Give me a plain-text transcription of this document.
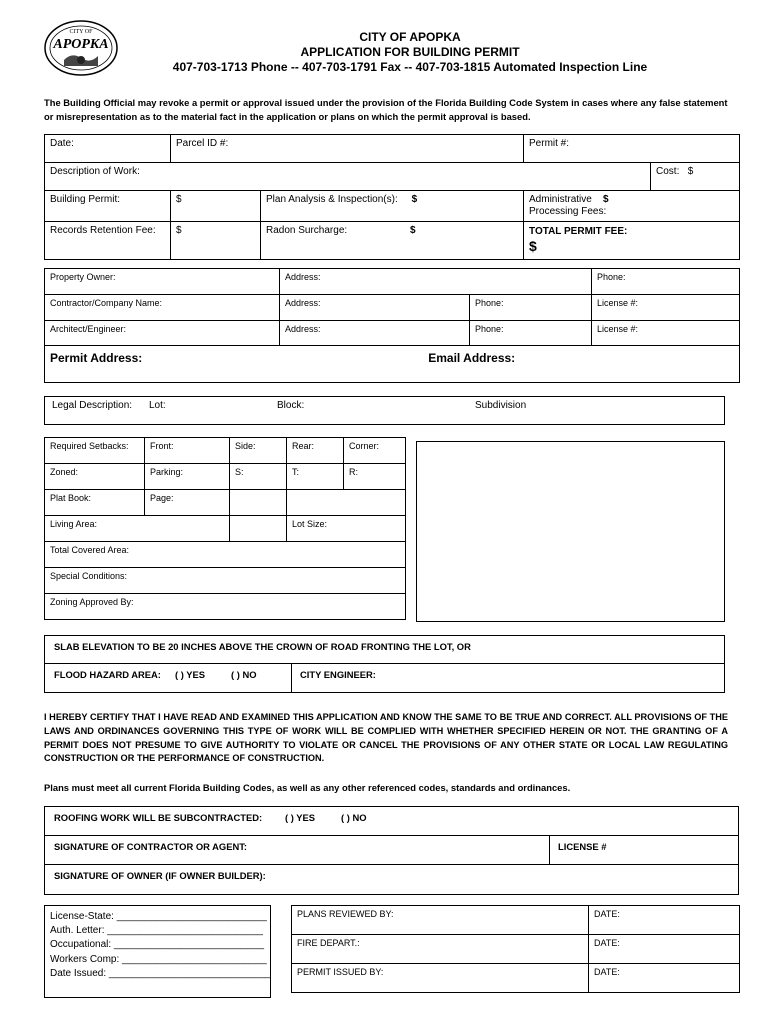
CITY OF
APOPKA	CITY OF APOPKA
APPLICATION FOR BUILDING PERMIT
407-703-1713 Phone -- 407-703-1791 Fax -- 407-703-1815 Automated Inspection Line
The Building Official may revoke a permit or approval issued under the provision of the Florida Building Code System in cases where any false statement or misrepresentation as to the material fact in the application or plans on which the permit approval is based.
Date:	Parcel ID #:		Permit #:	
Description of Work:				Cost: $
Building Permit:	$	Plan Analysis & Inspection(s): $	Administrative $
Processing Fees:	
Records Retention Fee:	$	Radon Surcharge: $	TOTAL PERMIT FEE:
$	
Property Owner:	Address:		Phone:
Contractor/Company Name:	Address:	Phone:	License #:
Architect/Engineer:	Address:	Phone:	License #:
Permit Address: Email Address:			
Legal Description: Lot:	Block:	Subdivision
Required Setbacks:	Front:	Side:	Rear:	Corner:
Zoned:	Parking:	S:	T:	R:
Plat Book:	Page:			
Living Area:			Lot Size:	
Total Covered Area:				
Special Conditions:				
Zoning Approved By:				
SLAB ELEVATION TO BE 20 INCHES ABOVE THE CROWN OF ROAD FRONTING THE LOT, OR
FLOOD HAZARD AREA: ( ) YES	( ) NO	CITY ENGINEER:
I HEREBY CERTIFY THAT I HAVE READ AND EXAMINED THIS APPLICATION AND KNOW THE SAME TO BE TRUE AND CORRECT. ALL PROVISIONS OF THE LAWS AND ORDINANCES GOVERNING THIS TYPE OF WORK WILL BE COMPLIED WITH WHETHER SPECIFIED HEREIN OR NOT. THE GRANTING OF A PERMIT DOES NOT PRESUME TO GIVE AUTHORITY TO VIOLATE OR CANCEL THE PROVISIONS OF ANY OTHER STATE OR LOCAL LAW REGULATING CONSTRUCTION OR THE PERFORMANCE OF CONSTRUCTION.
Plans must meet all current Florida Building Codes, as well as any other referenced codes, standards and ordinances.
ROOFING WORK WILL BE SUBCONTRACTED: ( ) YES	( ) NO
SIGNATURE OF CONTRACTOR OR AGENT:	LICENSE #
SIGNATURE OF OWNER (IF OWNER BUILDER):
License-State: ___________________________
Auth. Letter: ____________________________
Occupational: ___________________________
Workers Comp: __________________________
Date Issued: _____________________________
PLANS REVIEWED BY:	DATE:
FIRE DEPART.:	DATE:
PERMIT ISSUED BY:	DATE:
